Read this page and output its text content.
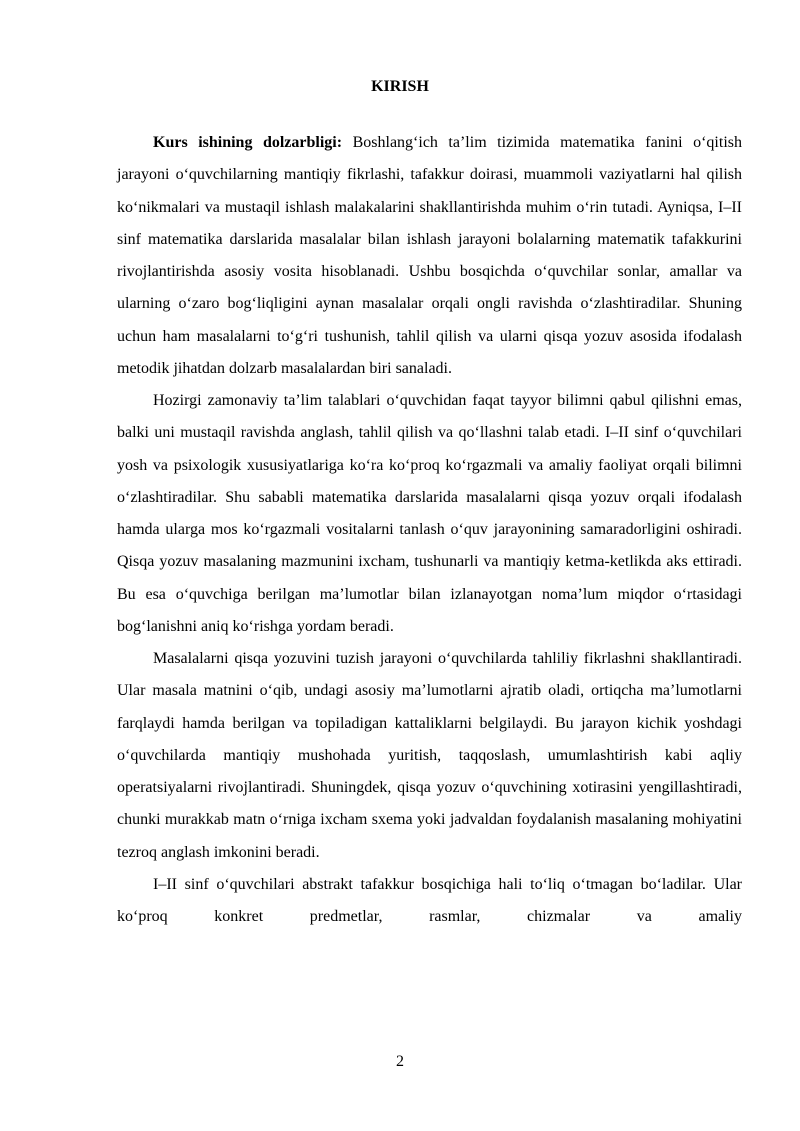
KIRISH

Kurs ishining dolzarbligi: Boshlang‘ich ta’lim tizimida matematika fanini o‘qitish jarayoni o‘quvchilarning mantiqiy fikrlashi, tafakkur doirasi, muammoli vaziyatlarni hal qilish ko‘nikmalari va mustaqil ishlash malakalarini shakllantirishda muhim o‘rin tutadi. Ayniqsa, I–II sinf matematika darslarida masalalar bilan ishlash jarayoni bolalarning matematik tafakkurini rivojlantirishda asosiy vosita hisoblanadi. Ushbu bosqichda o‘quvchilar sonlar, amallar va ularning o‘zaro bog‘liqligini aynan masalalar orqali ongli ravishda o‘zlashtiradilar. Shuning uchun ham masalalarni to‘g‘ri tushunish, tahlil qilish va ularni qisqa yozuv asosida ifodalash metodik jihatdan dolzarb masalalardan biri sanaladi.

Hozirgi zamonaviy ta’lim talablari o‘quvchidan faqat tayyor bilimni qabul qilishni emas, balki uni mustaqil ravishda anglash, tahlil qilish va qo‘llashni talab etadi. I–II sinf o‘quvchilari yosh va psixologik xususiyatlariga ko‘ra ko‘proq ko‘rgazmali va amaliy faoliyat orqali bilimni o‘zlashtiradilar. Shu sababli matematika darslarida masalalarni qisqa yozuv orqali ifodalash hamda ularga mos ko‘rgazmali vositalarni tanlash o‘quv jarayonining samaradorligini oshiradi. Qisqa yozuv masalaning mazmunini ixcham, tushunarli va mantiqiy ketma-ketlikda aks ettiradi. Bu esa o‘quvchiga berilgan ma’lumotlar bilan izlanayotgan noma’lum miqdor o‘rtasidagi bog‘lanishni aniq ko‘rishga yordam beradi.

Masalalarni qisqa yozuvini tuzish jarayoni o‘quvchilarda tahliliy fikrlashni shakllantiradi. Ular masala matnini o‘qib, undagi asosiy ma’lumotlarni ajratib oladi, ortiqcha ma’lumotlarni farqlaydi hamda berilgan va topiladigan kattaliklarni belgilaydi. Bu jarayon kichik yoshdagi o‘quvchilarda mantiqiy mushohada yuritish, taqqoslash, umumlashtirish kabi aqliy operatsiyalarni rivojlantiradi. Shuningdek, qisqa yozuv o‘quvchining xotirasini yengillashtiradi, chunki murakkab matn o‘rniga ixcham sxema yoki jadvaldan foydalanish masalaning mohiyatini tezroq anglash imkonini beradi.

I–II sinf o‘quvchilari abstrakt tafakkur bosqichiga hali to‘liq o‘tmagan bo‘ladilar. Ular ko‘proq konkret predmetlar, rasmlar, chizmalar va amaliy

2
